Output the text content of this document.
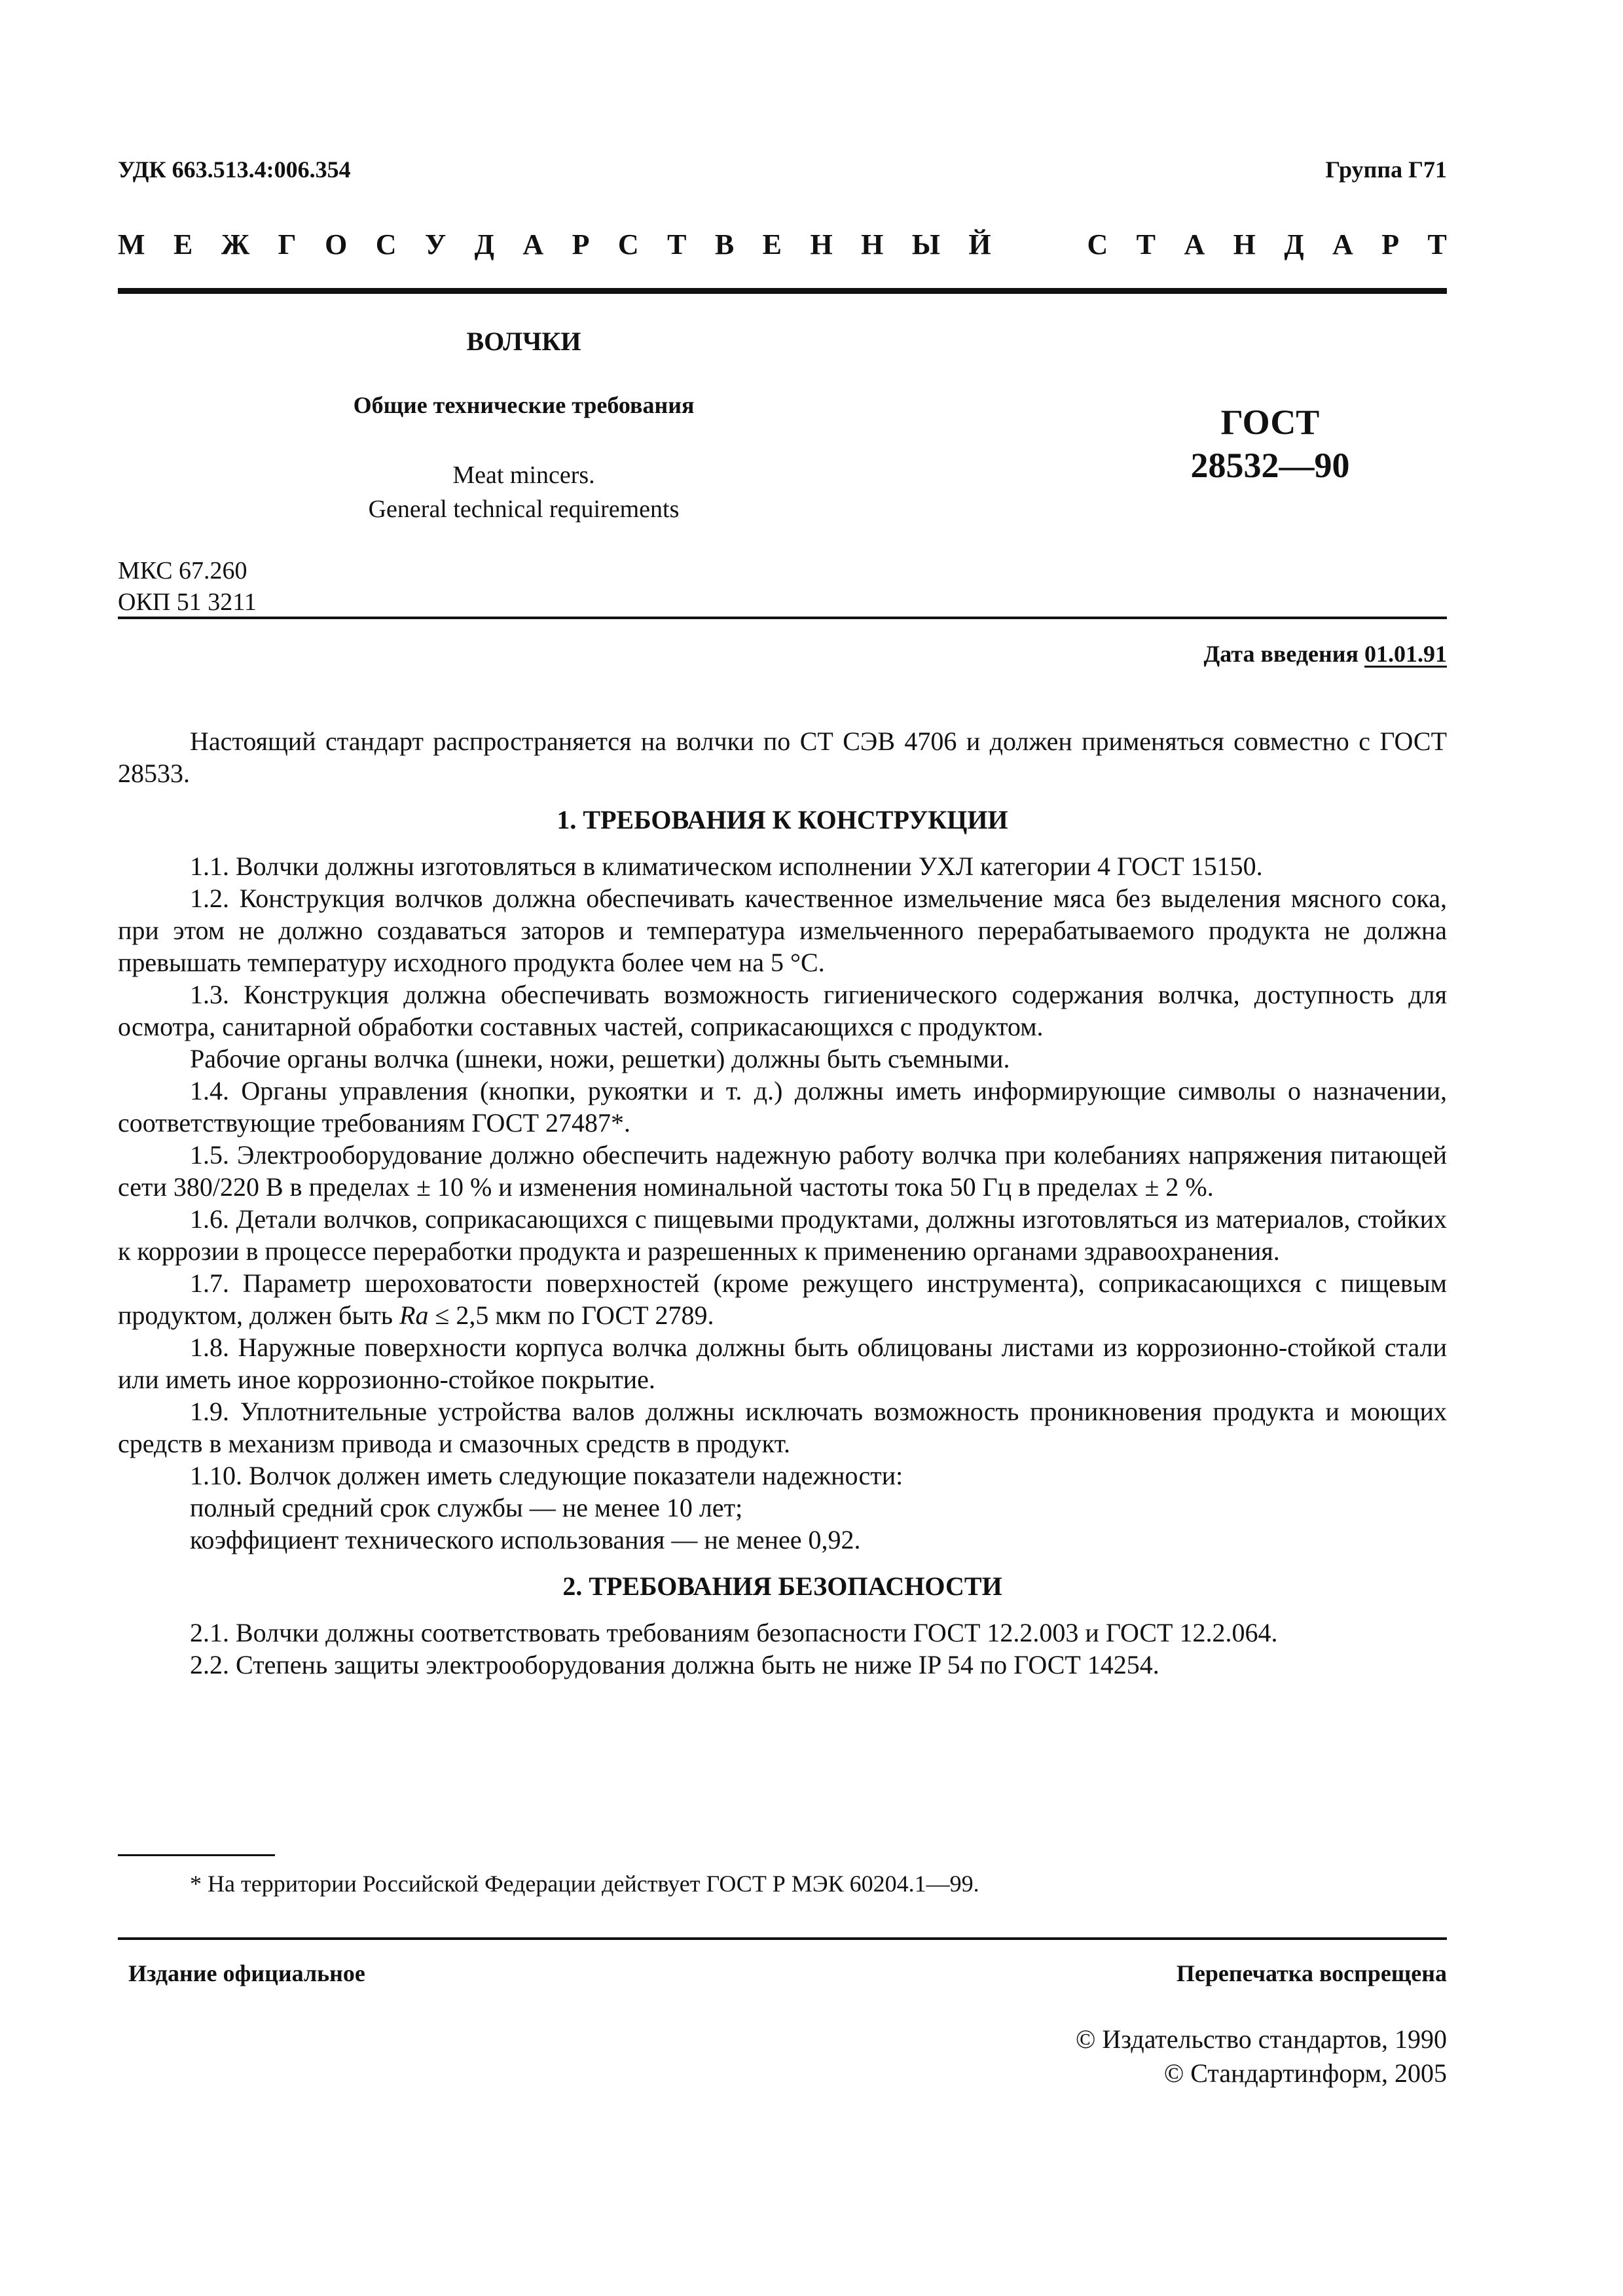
УДК 663.513.4:006.354	Группа Г71
М Е Ж Г О С У Д А Р С Т В Е Н Н Ы Й	С Т А Н Д А Р Т
ВОЛЧКИ
Общие технические требования
Meat mincers.
General technical requirements
ГОСТ
28532—90
МКС 67.260
ОКП 51 3211
Дата введения 01.01.91

Настоящий стандарт распространяется на волчки по СТ СЭВ 4706 и должен применяться совместно с ГОСТ 28533.

1. ТРЕБОВАНИЯ К КОНСТРУКЦИИ

1.1. Волчки должны изготовляться в климатическом исполнении УХЛ категории 4 ГОСТ 15150.

1.2. Конструкция волчков должна обеспечивать качественное измельчение мяса без выделения мясного сока, при этом не должно создаваться заторов и температура измельченного перерабатываемого продукта не должна превышать температуру исходного продукта более чем на 5 °С.

1.3. Конструкция должна обеспечивать возможность гигиенического содержания волчка, доступность для осмотра, санитарной обработки составных частей, соприкасающихся с продуктом.

Рабочие органы волчка (шнеки, ножи, решетки) должны быть съемными.

1.4. Органы управления (кнопки, рукоятки и т. д.) должны иметь информирующие символы о назначении, соответствующие требованиям ГОСТ 27487*.

1.5. Электрооборудование должно обеспечить надежную работу волчка при колебаниях напряжения питающей сети 380/220 В в пределах ± 10 % и изменения номинальной частоты тока 50 Гц в пределах ± 2 %.

1.6. Детали волчков, соприкасающихся с пищевыми продуктами, должны изготовляться из материалов, стойких к коррозии в процессе переработки продукта и разрешенных к применению органами здравоохранения.

1.7. Параметр шероховатости поверхностей (кроме режущего инструмента), соприкасающихся с пищевым продуктом, должен быть Ra ≤ 2,5 мкм по ГОСТ 2789.

1.8. Наружные поверхности корпуса волчка должны быть облицованы листами из коррозионно-стойкой стали или иметь иное коррозионно-стойкое покрытие.

1.9. Уплотнительные устройства валов должны исключать возможность проникновения продукта и моющих средств в механизм привода и смазочных средств в продукт.

1.10. Волчок должен иметь следующие показатели надежности:

полный средний срок службы — не менее 10 лет;

коэффициент технического использования — не менее 0,92.

2. ТРЕБОВАНИЯ БЕЗОПАСНОСТИ

2.1. Волчки должны соответствовать требованиям безопасности ГОСТ 12.2.003 и ГОСТ 12.2.064.

2.2. Степень защиты электрооборудования должна быть не ниже IP 54 по ГОСТ 14254.

* На территории Российской Федерации действует ГОСТ Р МЭК 60204.1—99.
Издание официальное	Перепечатка воспрещена
© Издательство стандартов, 1990
© Стандартинформ, 2005
